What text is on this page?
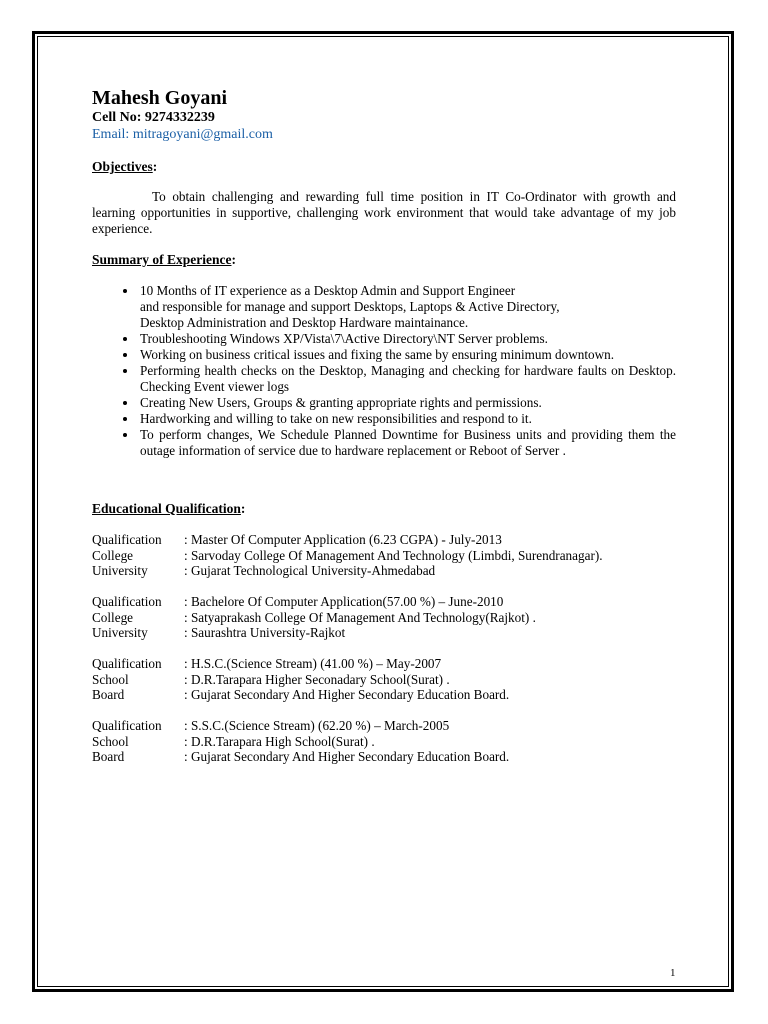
Mahesh Goyani
Cell No: 9274332239
Email: mitragoyani@gmail.com
Objectives:
To obtain challenging and rewarding full time position in IT Co-Ordinator with growth and learning opportunities in supportive, challenging work environment that would take advantage of my job experience.
Summary of Experience:
• 10 Months of IT experience as a Desktop Admin and Support Engineer
and responsible for manage and support Desktops, Laptops & Active Directory,
Desktop Administration and Desktop Hardware maintainance.
• Troubleshooting Windows XP/Vista\7\Active Directory\NT Server problems.
• Working on business critical issues and fixing the same by ensuring minimum downtown.
• Performing health checks on the Desktop, Managing and checking for hardware faults on Desktop. Checking Event viewer logs
• Creating New Users, Groups & granting appropriate rights and permissions.
• Hardworking and willing to take on new responsibilities and respond to it.
• To perform changes, We Schedule Planned Downtime for Business units and providing them the outage information of service due to hardware replacement or Reboot of Server .
Educational Qualification:
Qualification	: Master Of Computer Application (6.23 CGPA) - July-2013
College	: Sarvoday College Of Management And Technology (Limbdi, Surendranagar).
University	: Gujarat Technological University-Ahmedabad
Qualification	: Bachelore Of Computer Application(57.00 %) – June-2010
College	: Satyaprakash College Of Management And Technology(Rajkot) .
University	: Saurashtra University-Rajkot
Qualification	: H.S.C.(Science Stream) (41.00 %) – May-2007
School	: D.R.Tarapara Higher Seconadary School(Surat) .
Board	: Gujarat Secondary And Higher Secondary Education Board.
Qualification	: S.S.C.(Science Stream) (62.20 %) – March-2005
School	: D.R.Tarapara High School(Surat) .
Board	: Gujarat Secondary And Higher Secondary Education Board.
1
